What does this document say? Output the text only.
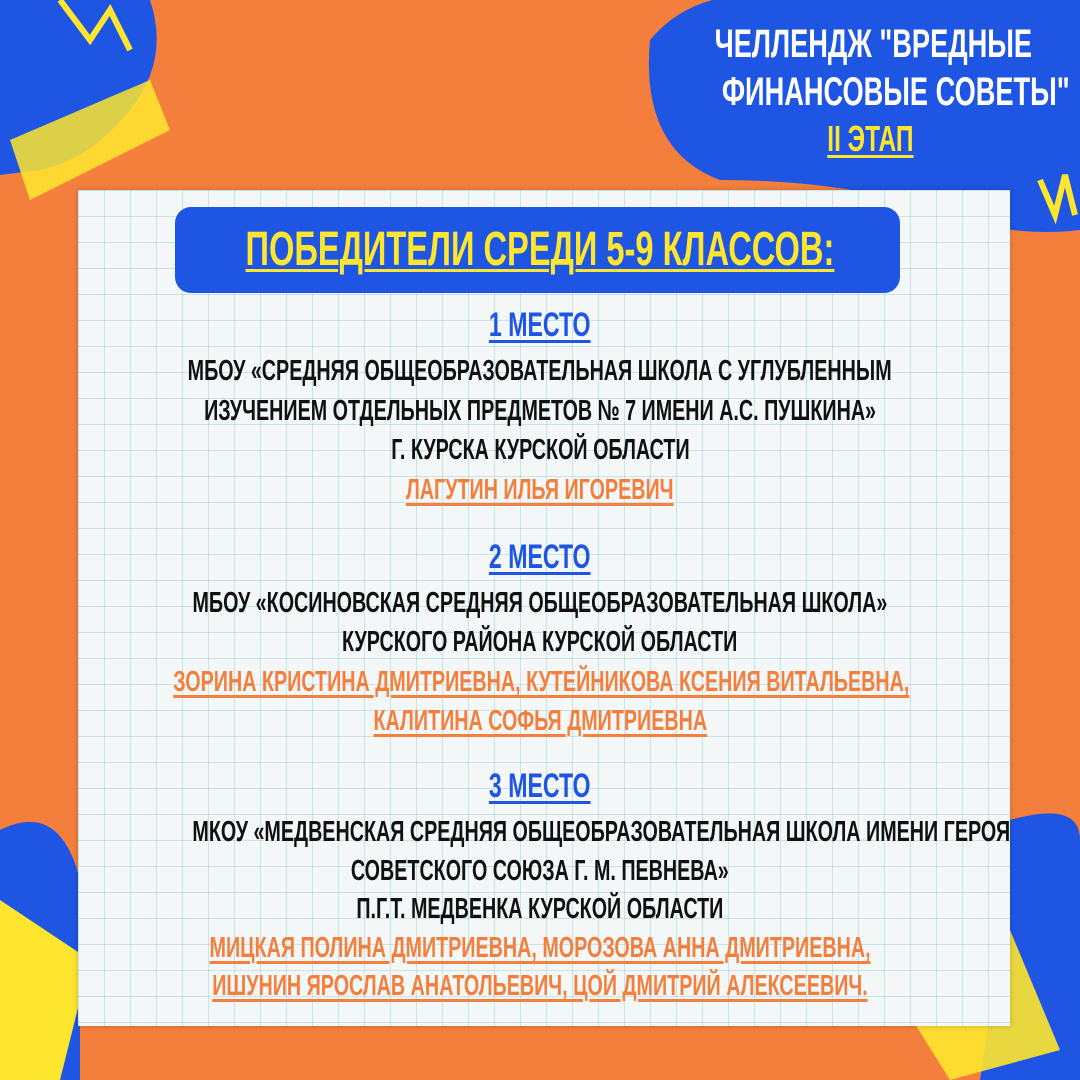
ЧЕЛЛЕНДЖ "ВРЕДНЫЕ
ФИНАНСОВЫЕ СОВЕТЫ"
II ЭТАП
ПОБЕДИТЕЛИ СРЕДИ 5-9 КЛАССОВ:
1 МЕСТО
МБОУ «СРЕДНЯЯ ОБЩЕОБРАЗОВАТЕЛЬНАЯ ШКОЛА С УГЛУБЛЕННЫМ
ИЗУЧЕНИЕМ ОТДЕЛЬНЫХ ПРЕДМЕТОВ № 7 ИМЕНИ А.С. ПУШКИНА»
Г. КУРСКА КУРСКОЙ ОБЛАСТИ
ЛАГУТИН ИЛЬЯ ИГОРЕВИЧ
2 МЕСТО
МБОУ «КОСИНОВСКАЯ СРЕДНЯЯ ОБЩЕОБРАЗОВАТЕЛЬНАЯ ШКОЛА»
КУРСКОГО РАЙОНА КУРСКОЙ ОБЛАСТИ
ЗОРИНА КРИСТИНА ДМИТРИЕВНА, КУТЕЙНИКОВА КСЕНИЯ ВИТАЛЬЕВНА,
КАЛИТИНА СОФЬЯ ДМИТРИЕВНА
3 МЕСТО
МКОУ «МЕДВЕНСКАЯ СРЕДНЯЯ ОБЩЕОБРАЗОВАТЕЛЬНАЯ ШКОЛА ИМЕНИ ГЕРОЯ
СОВЕТСКОГО СОЮЗА Г. М. ПЕВНЕВА»
П.Г.Т. МЕДВЕНКА КУРСКОЙ ОБЛАСТИ
МИЦКАЯ ПОЛИНА ДМИТРИЕВНА, МОРОЗОВА АННА ДМИТРИЕВНА,
ИШУНИН ЯРОСЛАВ АНАТОЛЬЕВИЧ, ЦОЙ ДМИТРИЙ АЛЕКСЕЕВИЧ.
